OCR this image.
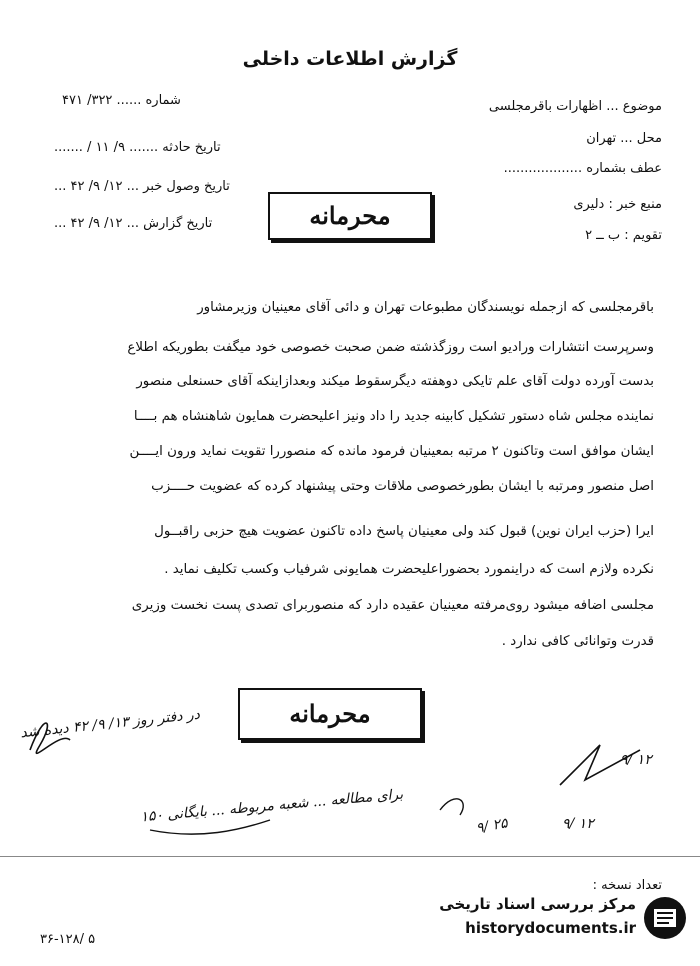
گزارش اطلاعات داخلی
موضوع ... اظهارات باقرمجلسی
محل ... تهران
عطف بشماره ...................
منبع خبر : دلیری
تقویم : ب ــ ۲
شماره ...... ۳۲۲/ ۴۷۱
تاریخ حادثه ....... ۹/ ۱۱ / .......
تاریخ وصول خبر ... ۱۲/ ۹/ ۴۲ ...
تاریخ گزارش ... ۱۲/ ۹/ ۴۲ ...	محرمانه
باقرمجلسی که ازجمله نویسندگان مطبوعات تهران و دائی آقای معینیان وزیرمشاور
وسرپرست انتشارات ورادیو است روزگذشته ضمن صحبت خصوصی خود میگفت بطوریکه اطلاع
بدست آورده دولت آقای علم تایکی دوهفته دیگرسقوط میکند وبعدازاینکه آقای حسنعلی منصور
نماینده مجلس شاه دستور تشکیل کابینه جدید را داد ونیز اعلیحضرت همایون شاهنشاه هم بــــا
ایشان موافق است وتاکنون ۲ مرتبه بمعینیان فرمود مانده که منصوررا تقویت نماید ورون ایــــن
اصل منصور ومرتبه با ایشان بطورخصوصی ملاقات وحتی پیشنهاد کرده که عضویت حــــزب
ایرا (حزب ایران نوین) قبول کند ولی معینیان پاسخ داده تاکنون عضویت هیچ حزبی راقبــول
نکرده ولازم است که دراینمورد بحضوراعلیحضرت همایونی شرفیاب وکسب تکلیف نماید .
مجلسی اضافه میشود روی‌مرفته معینیان عقیده دارد که منصوربرای تصدی پست نخست وزیری
قدرت وتوانائی کافی ندارد .
محرمانه
در دفتر روز ۱۳/ ۹/ ۴۲ دیده شد
برای مطالعه ... شعبه مربوطه ... بایگانی ۱۵۰
۹/ ۲۵
۹/ ۱۲
۹/ ۱۲
تعداد نسخه :
۳۶-۱۲۸/ ۵
مرکز بررسی اسناد تاریخی
historydocuments.ir
